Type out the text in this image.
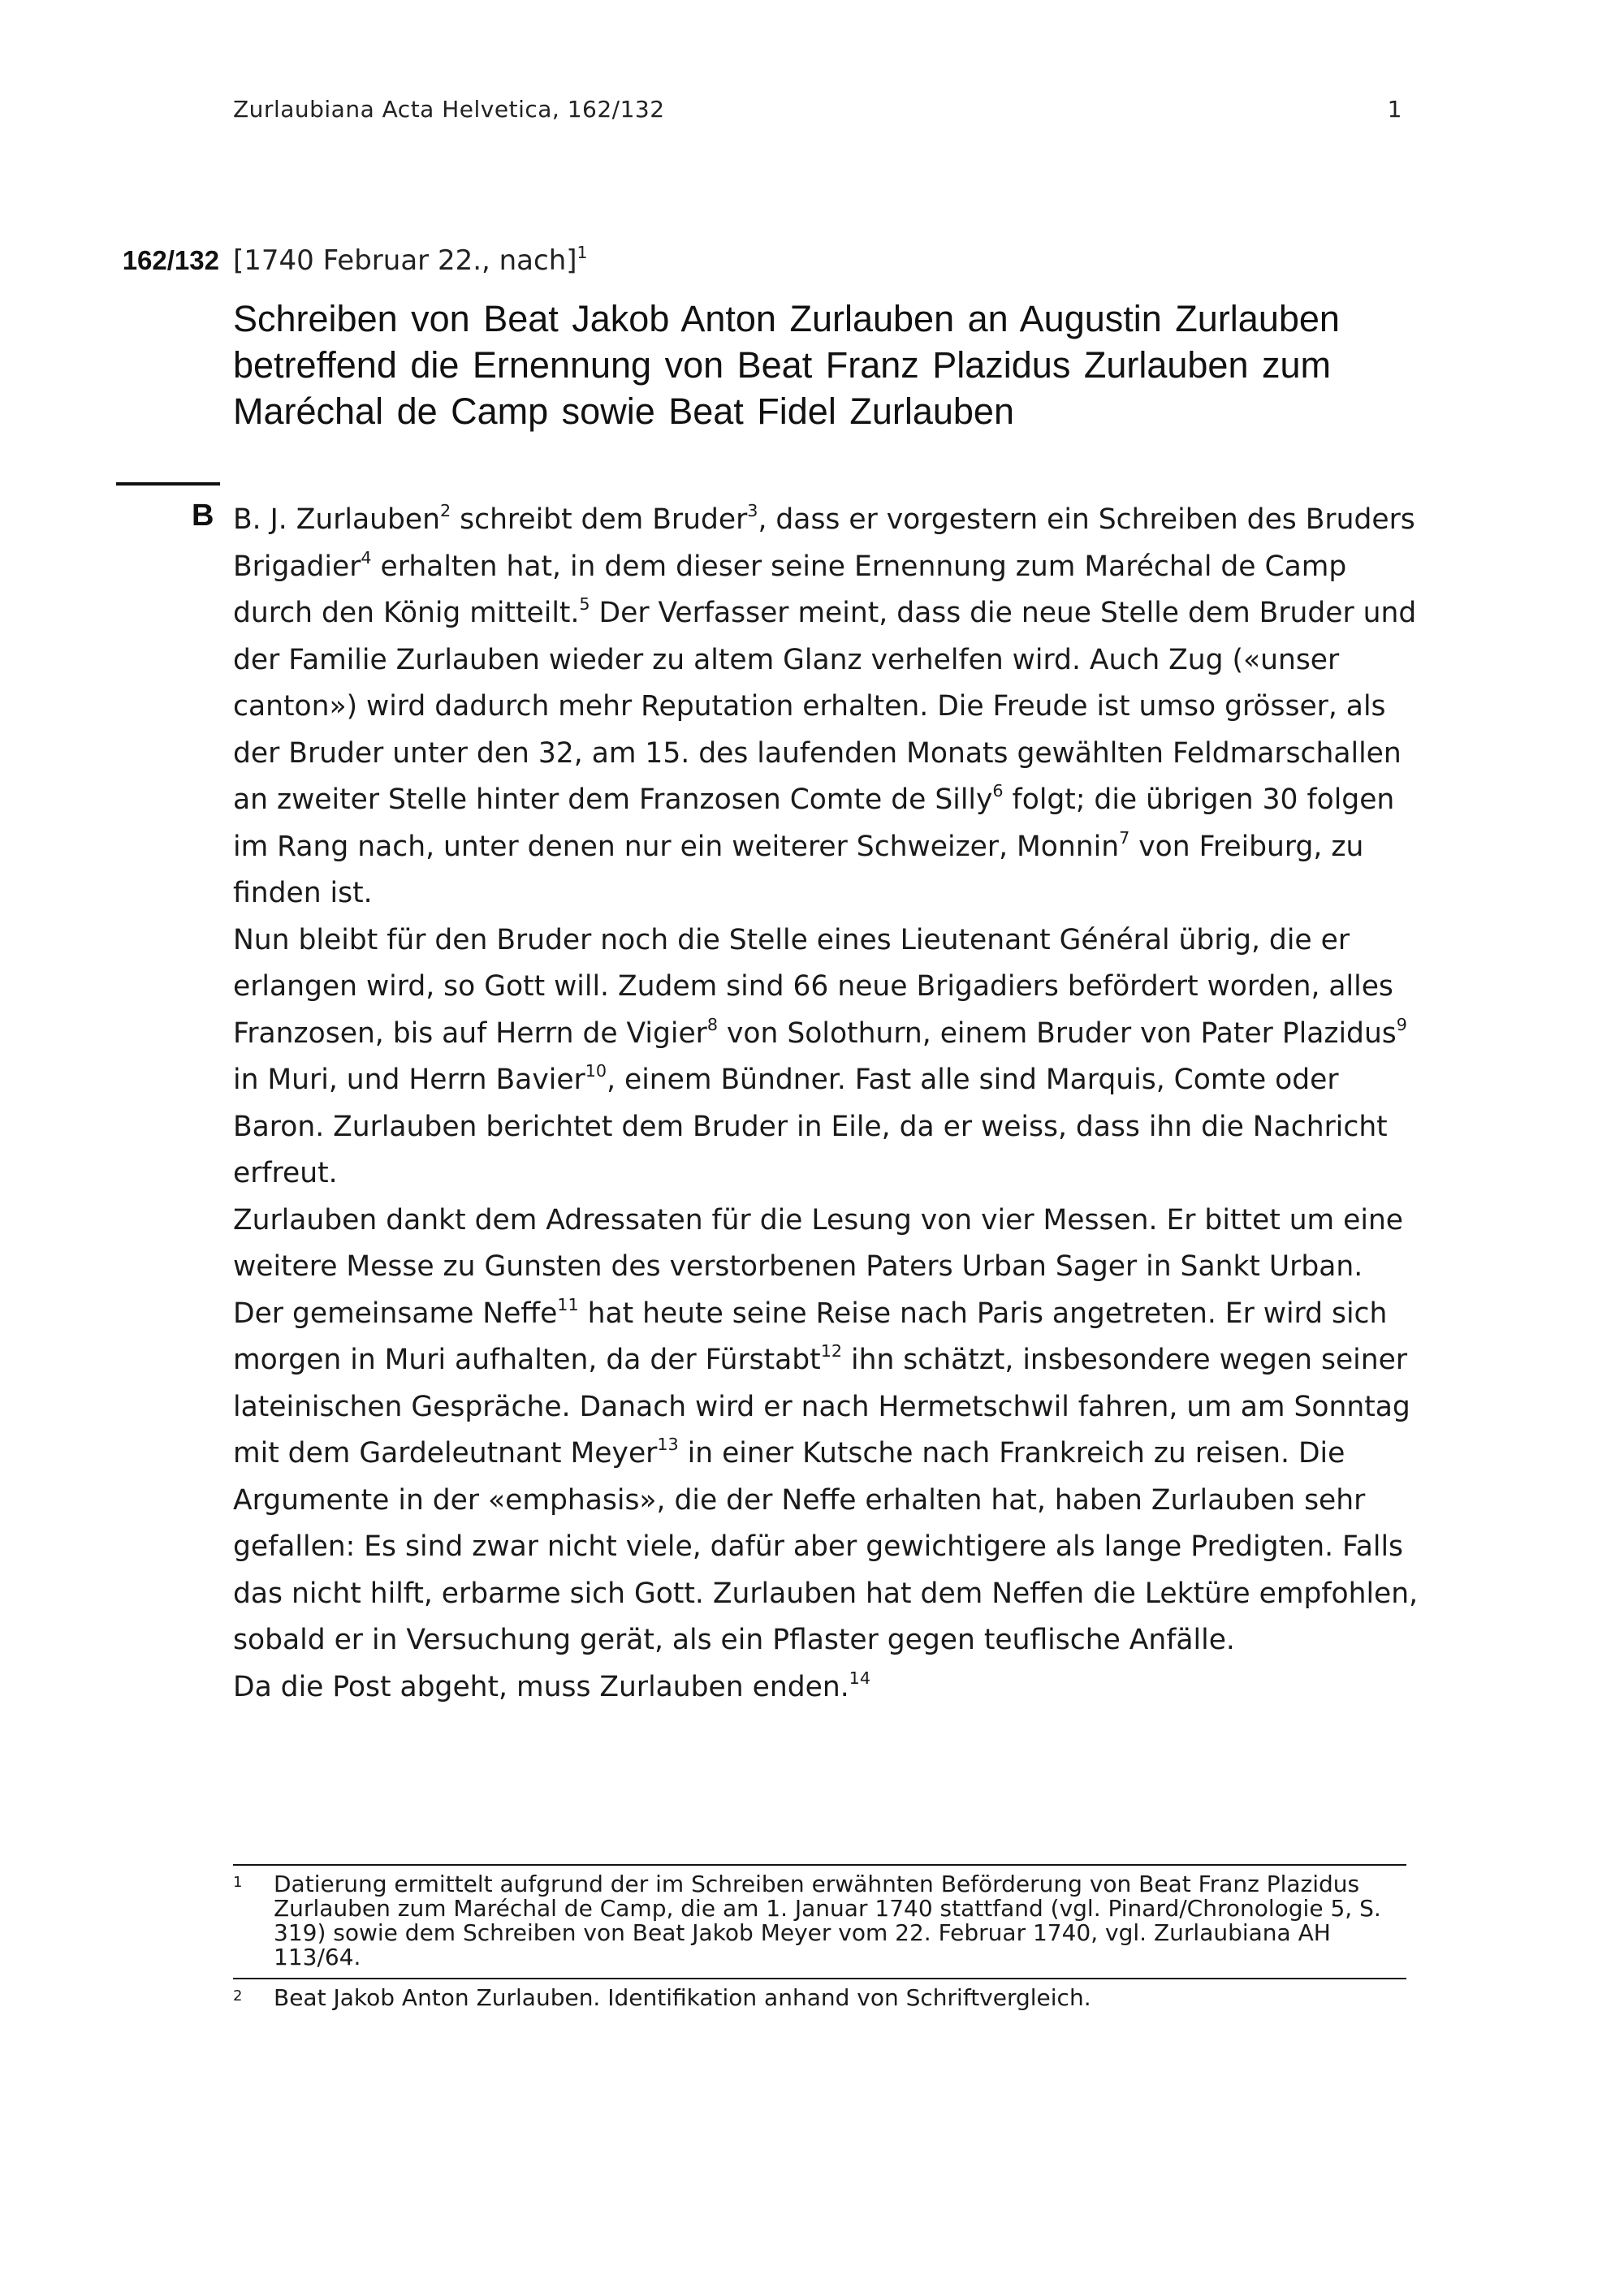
Zurlaubiana Acta Helvetica, 162/132	1
162/132 [1740 Februar 22., nach]$^1$
Schreiben von Beat Jakob Anton Zurlauben an Augustin Zurlauben betreffend die Ernennung von Beat Franz Plazidus Zurlauben zum Maréchal de Camp sowie Beat Fidel Zurlauben
B B. J. Zurlauben$^2$ schreibt dem Bruder$^3$, dass er vorgestern ein Schreiben des Bruders Brigadier$^4$ erhalten hat, in dem dieser seine Ernennung zum Maréchal de Camp durch den König mitteilt.$^5$ Der Verfasser meint, dass die neue Stelle dem Bruder und der Familie Zurlauben wieder zu altem Glanz verhelfen wird. Auch Zug («unser canton») wird dadurch mehr Reputation erhalten. Die Freude ist umso grösser, als der Bruder unter den 32, am 15. des laufenden Monats gewählten Feldmarschallen an zweiter Stelle hinter dem Franzosen Comte de Silly$^6$ folgt; die übrigen 30 folgen im Rang nach, unter denen nur ein weiterer Schweizer, Monnin$^7$ von Freiburg, zu finden ist.

Nun bleibt für den Bruder noch die Stelle eines Lieutenant Général übrig, die er erlangen wird, so Gott will. Zudem sind 66 neue Brigadiers befördert worden, alles Franzosen, bis auf Herrn de Vigier$^8$ von Solothurn, einem Bruder von Pater Plazidus$^9$ in Muri, und Herrn Bavier$^{10}$, einem Bündner. Fast alle sind Marquis, Comte oder Baron. Zurlauben berichtet dem Bruder in Eile, da er weiss, dass ihn die Nachricht erfreut.

Zurlauben dankt dem Adressaten für die Lesung von vier Messen. Er bittet um eine weitere Messe zu Gunsten des verstorbenen Paters Urban Sager in Sankt Urban.

Der gemeinsame Neffe$^{11}$ hat heute seine Reise nach Paris angetreten. Er wird sich morgen in Muri aufhalten, da der Fürstabt$^{12}$ ihn schätzt, insbesondere wegen seiner lateinischen Gespräche. Danach wird er nach Hermetschwil fahren, um am Sonntag mit dem Gardeleutnant Meyer$^{13}$ in einer Kutsche nach Frankreich zu reisen. Die Argumente in der «emphasis», die der Neffe erhalten hat, haben Zurlauben sehr gefallen: Es sind zwar nicht viele, dafür aber gewichtigere als lange Predigten. Falls das nicht hilft, erbarme sich Gott. Zurlauben hat dem Neffen die Lektüre empfohlen, sobald er in Versuchung gerät, als ein Pflaster gegen teuflische Anfälle.

Da die Post abgeht, muss Zurlauben enden.$^{14}$

1 Datierung ermittelt aufgrund der im Schreiben erwähnten Beförderung von Beat Franz Plazidus Zurlauben zum Maréchal de Camp, die am 1. Januar 1740 stattfand (vgl. Pinard/Chronologie 5, S. 319) sowie dem Schreiben von Beat Jakob Meyer vom 22. Februar 1740, vgl. Zurlaubiana AH 113/64.
2 Beat Jakob Anton Zurlauben. Identifikation anhand von Schriftvergleich.
